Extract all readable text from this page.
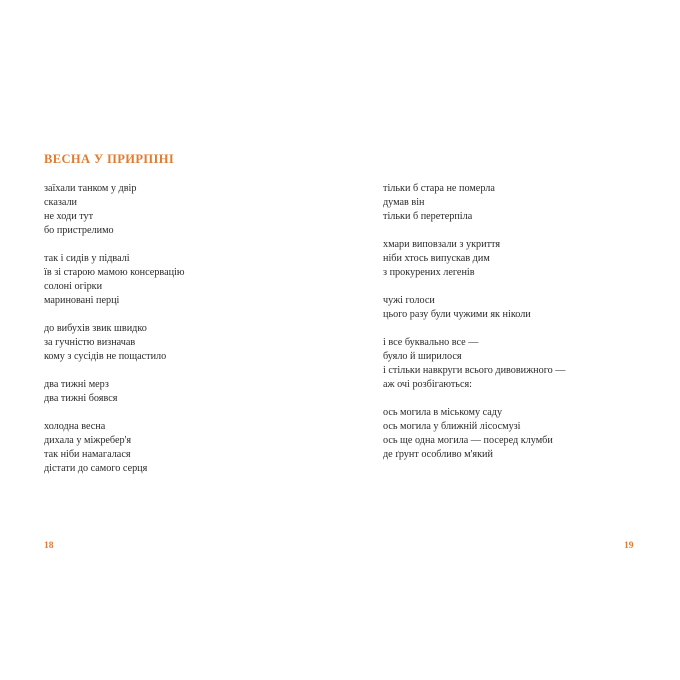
ВЕСНА У ПРИРПІНІ
заїхали танком у двір
сказали
не ходи тут
бо пристрелимо
так і сидів у підвалі
їв зі старою мамою консервацію
солоні огірки
мариновані перці
до вибухів звик швидко
за гучністю визначав
кому з сусідів не пощастило
два тижні мерз
два тижні боявся
холодна весна
дихала у міжребер'я
так ніби намагалася
дістати до самого серця
тільки б стара не померла
думав він
тільки б перетерпіла
хмари виповзали з укриття
ніби хтось випускав дим
з прокурених легенів
чужі голоси
цього разу були чужими як ніколи
і все буквально все —
буяло й ширилося
і стільки навкруги всього дивовижного —
аж очі розбігаються:
ось могила в міському саду
ось могила у ближній лісосмузі
ось ще одна могила — посеред клумби
де ґрунт особливо м'який
18	19
